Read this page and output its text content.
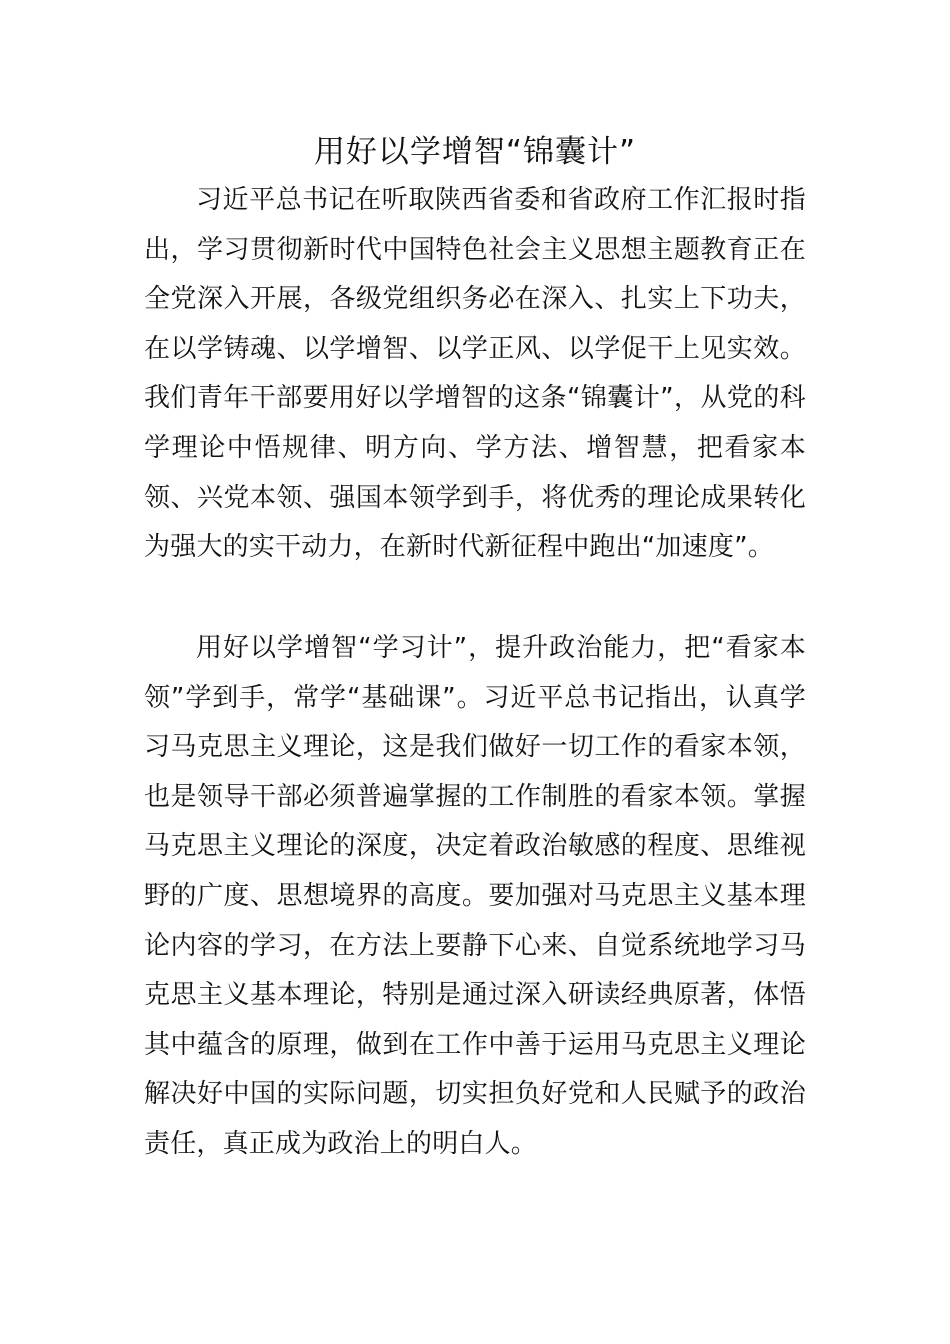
用好以学增智“锦囊计”

习近平总书记在听取陕西省委和省政府工作汇报时指出，学习贯彻新时代中国特色社会主义思想主题教育正在全党深入开展，各级党组织务必在深入、扎实上下功夫，在以学铸魂、以学增智、以学正风、以学促干上见实效。我们青年干部要用好以学增智的这条“锦囊计”，从党的科学理论中悟规律、明方向、学方法、增智慧，把看家本领、兴党本领、强国本领学到手，将优秀的理论成果转化为强大的实干动力，在新时代新征程中跑出“加速度”。

用好以学增智“学习计”，提升政治能力，把“看家本领”学到手，常学“基础课”。习近平总书记指出，认真学习马克思主义理论，这是我们做好一切工作的看家本领，也是领导干部必须普遍掌握的工作制胜的看家本领。掌握马克思主义理论的深度，决定着政治敏感的程度、思维视野的广度、思想境界的高度。要加强对马克思主义基本理论内容的学习，在方法上要静下心来、自觉系统地学习马克思主义基本理论，特别是通过深入研读经典原著，体悟其中蕴含的原理，做到在工作中善于运用马克思主义理论解决好中国的实际问题，切实担负好党和人民赋予的政治责任，真正成为政治上的明白人。
